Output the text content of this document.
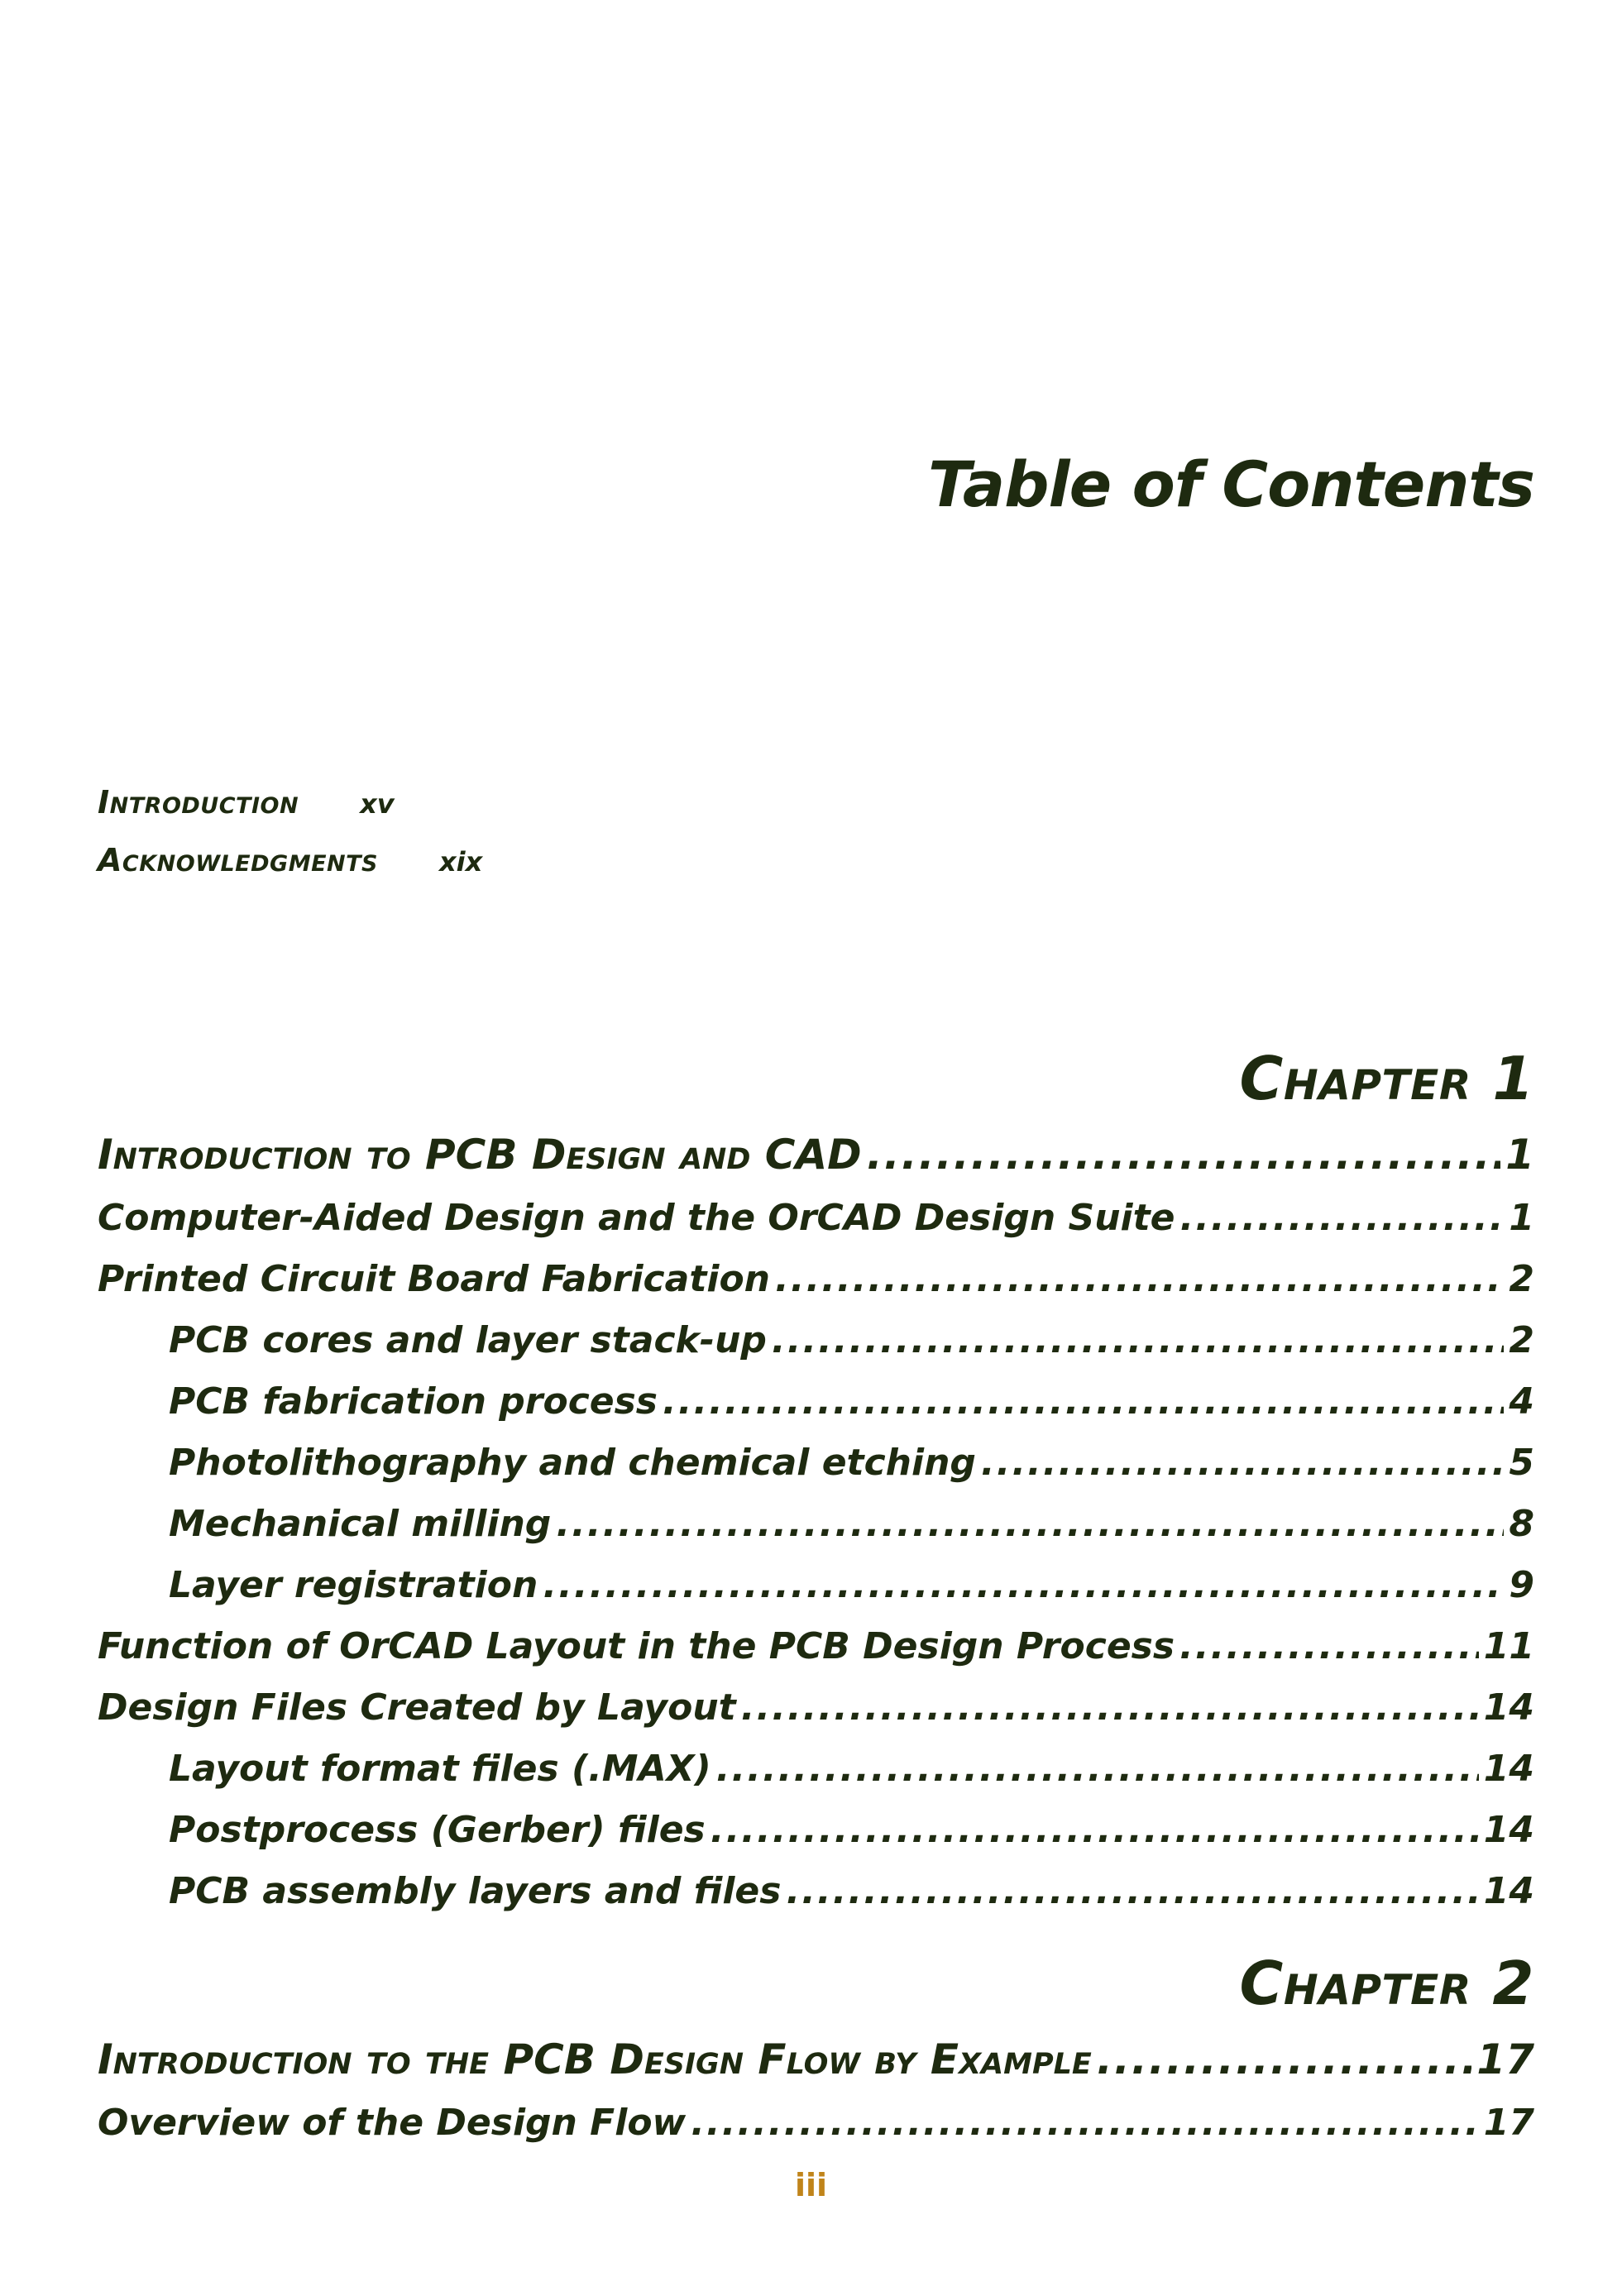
Table of Contents
Introduction xv
Acknowledgments xix
Chapter 1
Introduction to PCB Design and CAD .....	1
Computer-Aided Design and the OrCAD Design Suite .....	1
Printed Circuit Board Fabrication .....	2
PCB cores and layer stack-up .....	2
PCB fabrication process .....	4
Photolithography and chemical etching .....	5
Mechanical milling .....	8
Layer registration .....	9
Function of OrCAD Layout in the PCB Design Process .....	11
Design Files Created by Layout .....	14
Layout format files (.MAX) .....	14
Postprocess (Gerber) files .....	14
PCB assembly layers and files .....	14
Chapter 2
Introduction to the PCB Design Flow by Example .....	17
Overview of the Design Flow .....	17
iii
